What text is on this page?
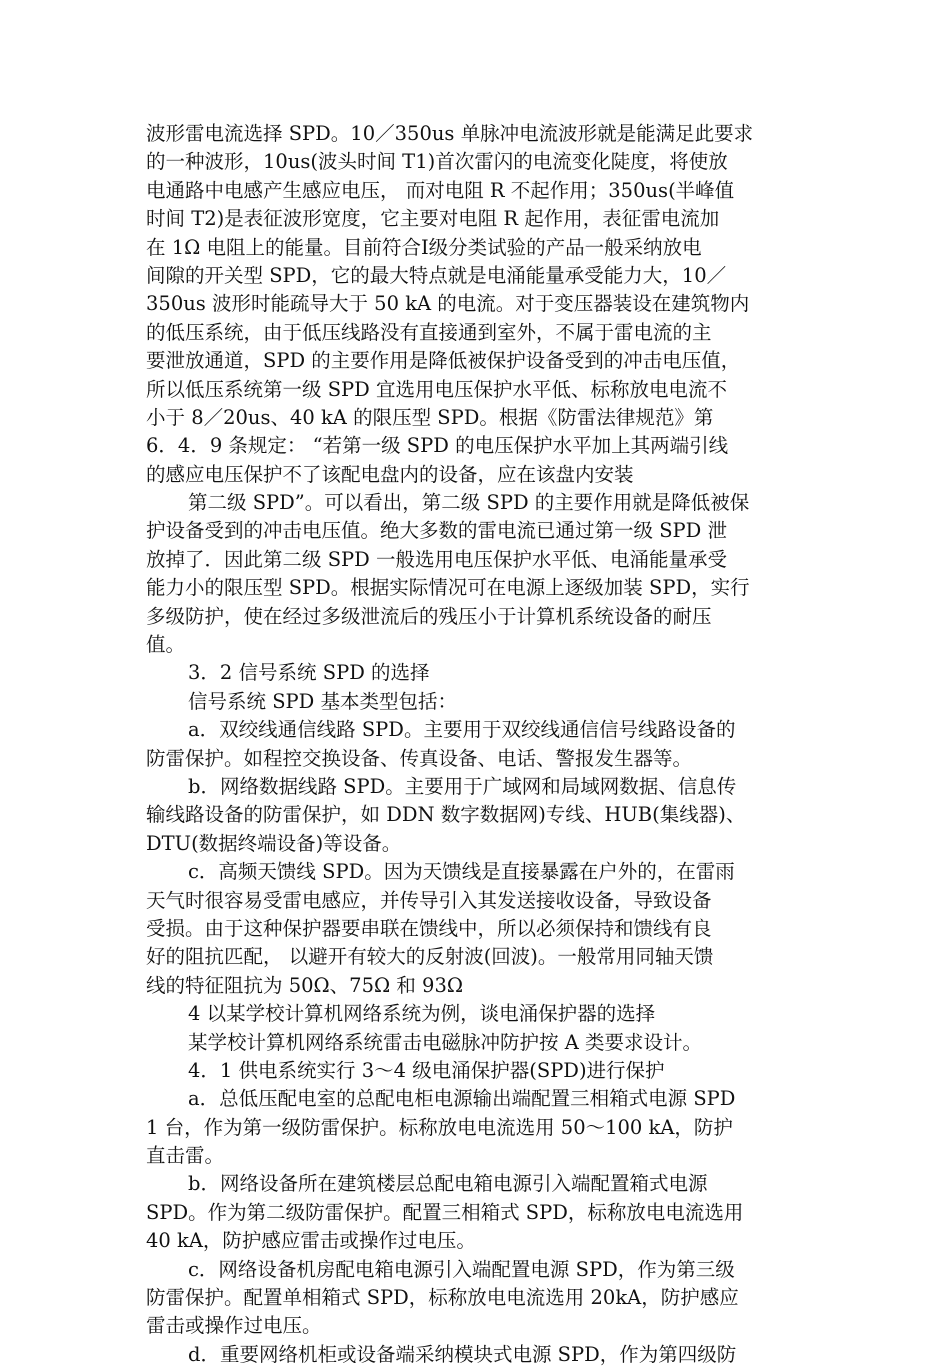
波形雷电流选择 SPD。10／350us 单脉冲电流波形就是能满足此要求
的一种波形，10us(波头时间 T1)首次雷闪的电流变化陡度，将使放
电通路中电感产生感应电压， 而对电阻 R 不起作用；350us(半峰值
时间 T2)是表征波形宽度，它主要对电阻 R 起作用，表征雷电流加
在 1Ω 电阻上的能量。目前符合Ⅰ级分类试验的产品一般采纳放电
间隙的开关型 SPD，它的最大特点就是电涌能量承受能力大，10／
350us 波形时能疏导大于 50 kA 的电流。对于变压器装设在建筑物内
的低压系统，由于低压线路没有直接通到室外，不属于雷电流的主
要泄放通道，SPD 的主要作用是降低被保护设备受到的冲击电压值，
所以低压系统第一级 SPD 宜选用电压保护水平低、标称放电电流不
小于 8／20us、40 kA 的限压型 SPD。根据《防雷法律规范》第
6．4．9 条规定： “若第一级 SPD 的电压保护水平加上其两端引线
的感应电压保护不了该配电盘内的设备，应在该盘内安装
第二级 SPD”。可以看出，第二级 SPD 的主要作用就是降低被保
护设备受到的冲击电压值。绝大多数的雷电流已通过第一级 SPD 泄
放掉了．因此第二级 SPD 一般选用电压保护水平低、电涌能量承受
能力小的限压型 SPD。根据实际情况可在电源上逐级加装 SPD，实行
多级防护，使在经过多级泄流后的残压小于计算机系统设备的耐压
值。
3．2 信号系统 SPD 的选择
信号系统 SPD 基本类型包括：
a．双绞线通信线路 SPD。主要用于双绞线通信信号线路设备的
防雷保护。如程控交换设备、传真设备、电话、警报发生器等。
b．网络数据线路 SPD。主要用于广域网和局域网数据、信息传
输线路设备的防雷保护，如 DDN 数字数据网)专线、HUB(集线器)、
DTU(数据终端设备)等设备。
c．高频天馈线 SPD。因为天馈线是直接暴露在户外的，在雷雨
天气时很容易受雷电感应，并传导引入其发送接收设备，导致设备
受损。由于这种保护器要串联在馈线中，所以必须保持和馈线有良
好的阻抗匹配， 以避开有较大的反射波(回波)。一般常用同轴天馈
线的特征阻抗为 50Ω、75Ω 和 93Ω
4 以某学校计算机网络系统为例，谈电涌保护器的选择
某学校计算机网络系统雷击电磁脉冲防护按 A 类要求设计。
4．1 供电系统实行 3～4 级电涌保护器(SPD)进行保护
a．总低压配电室的总配电柜电源输出端配置三相箱式电源 SPD
1 台，作为第一级防雷保护。标称放电电流选用 50～100 kA，防护
直击雷。
b．网络设备所在建筑楼层总配电箱电源引入端配置箱式电源
SPD。作为第二级防雷保护。配置三相箱式 SPD，标称放电电流选用
40 kA，防护感应雷击或操作过电压。
c．网络设备机房配电箱电源引入端配置电源 SPD，作为第三级
防雷保护。配置单相箱式 SPD，标称放电电流选用 20kA，防护感应
雷击或操作过电压。
d．重要网络机柜或设备端采纳模块式电源 SPD，作为第四级防
